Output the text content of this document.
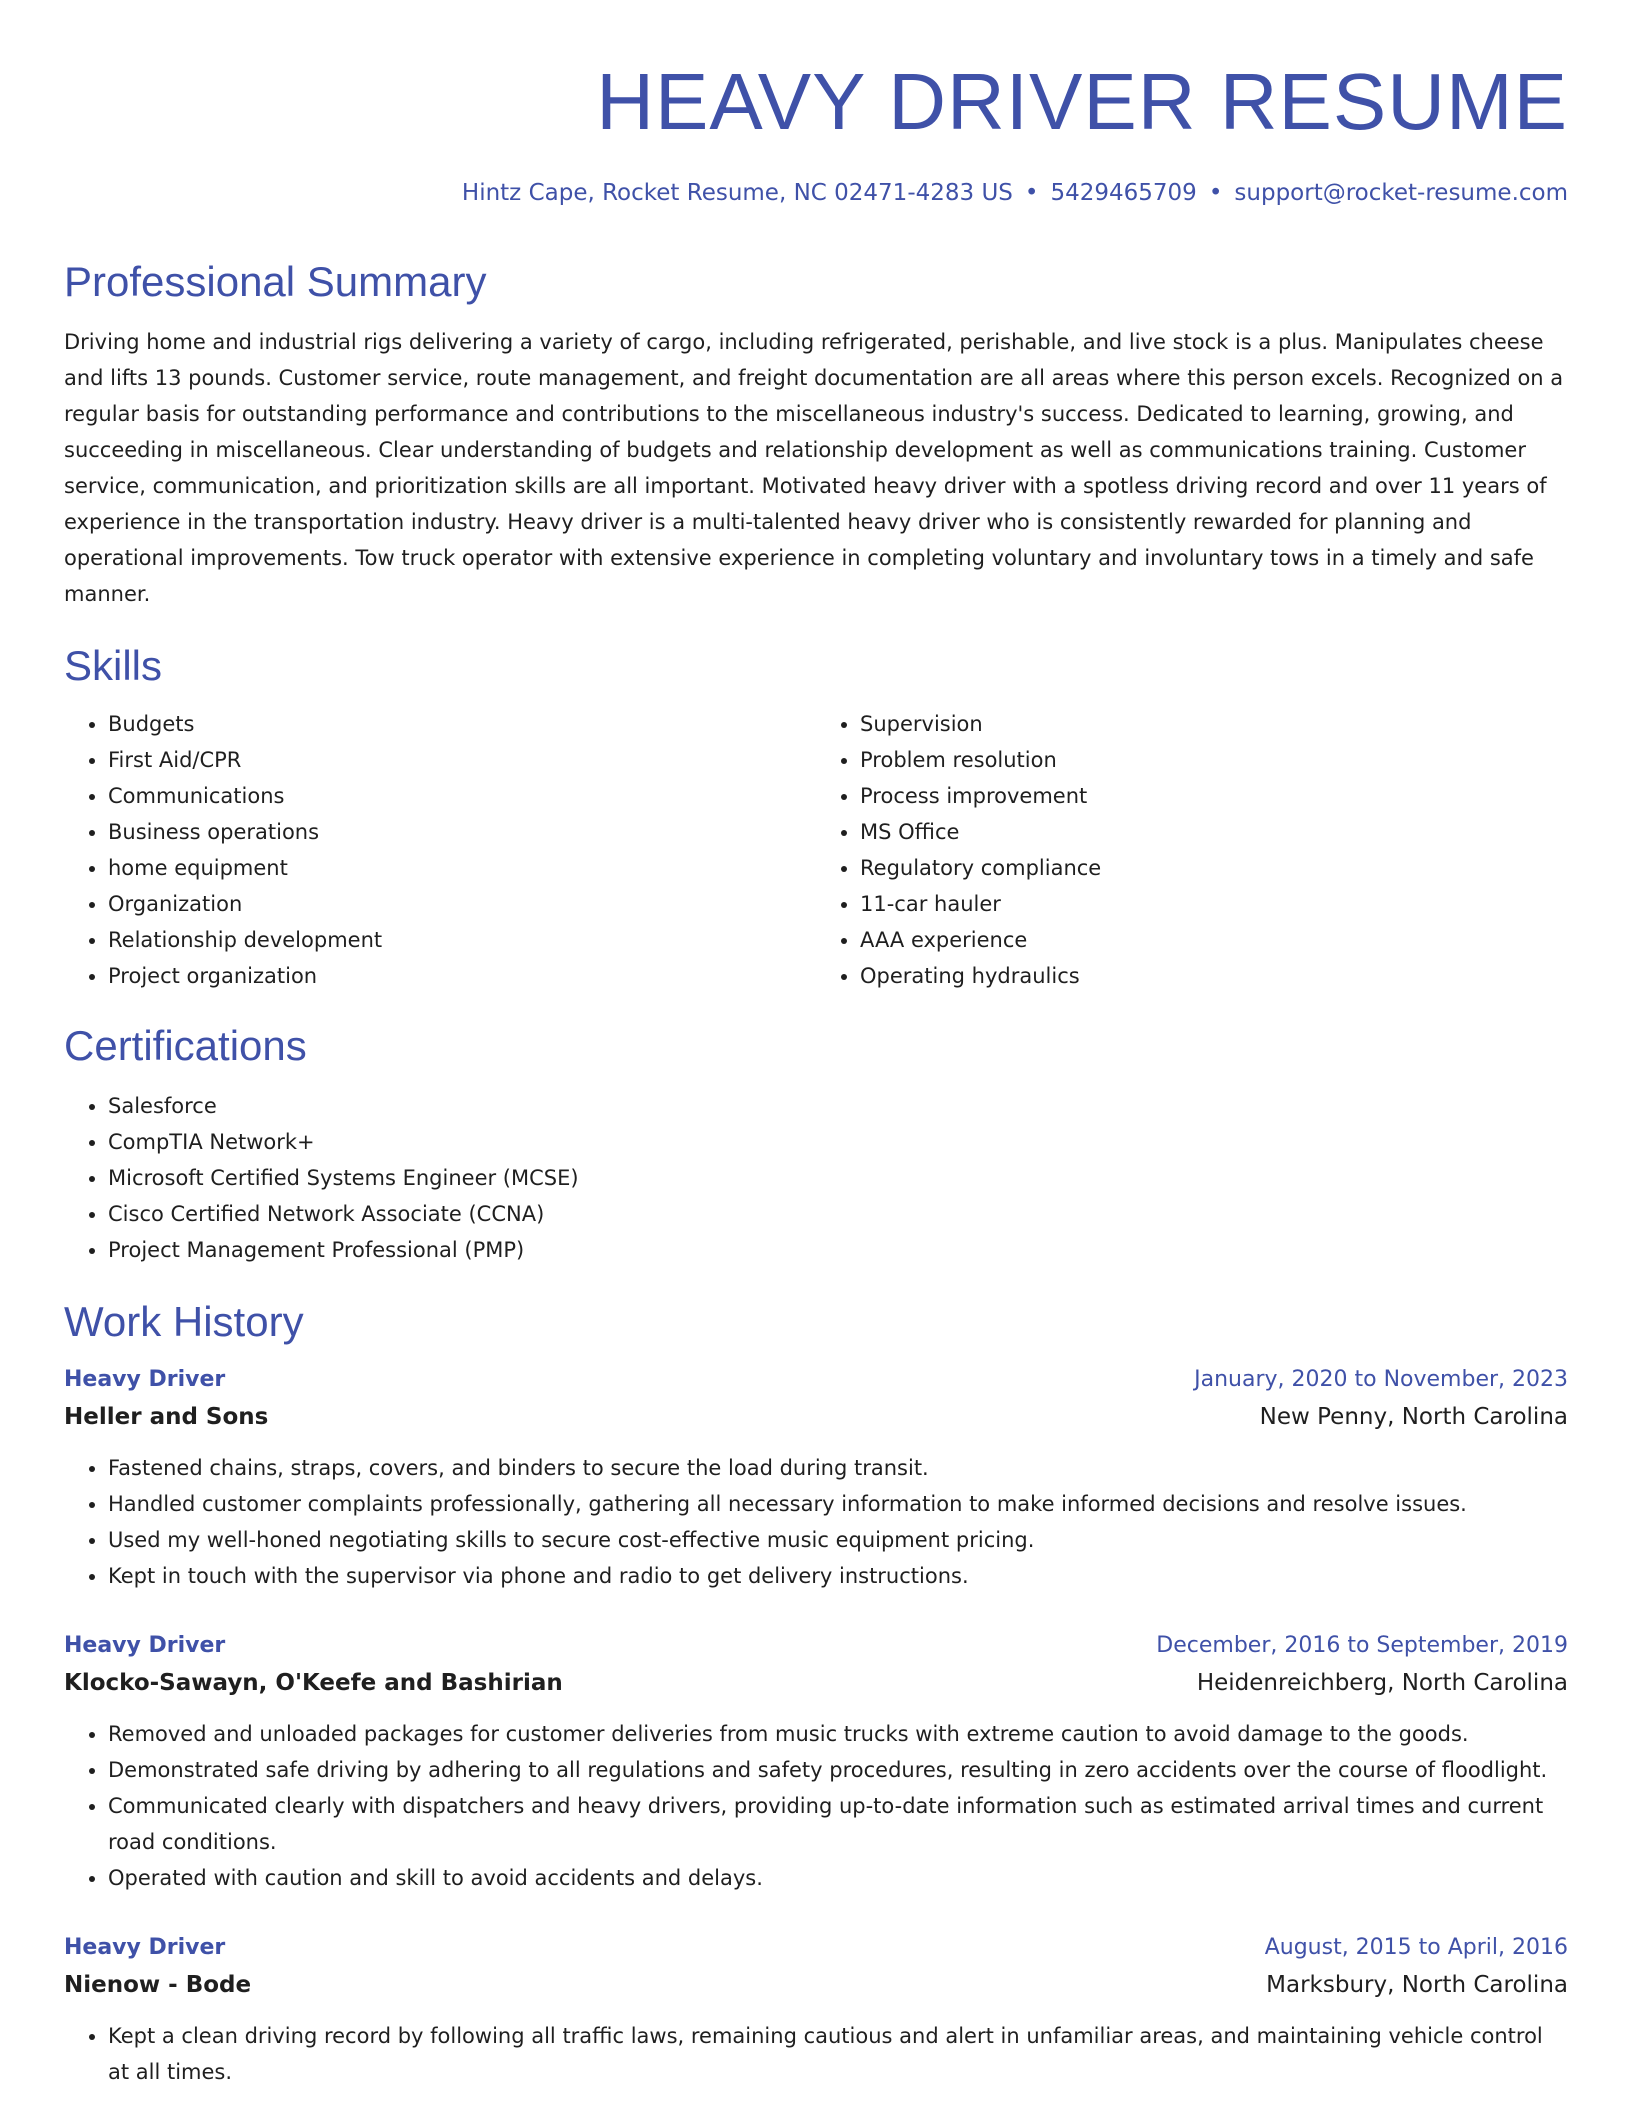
HEAVY DRIVER RESUME
Hintz Cape, Rocket Resume, NC 02471-4283 US • 5429465709 • support@rocket-resume.com
Professional Summary

Driving home and industrial rigs delivering a variety of cargo, including refrigerated, perishable, and live stock is a plus. Manipulates cheese and lifts 13 pounds. Customer service, route management, and freight documentation are all areas where this person excels. Recognized on a regular basis for outstanding performance and contributions to the miscellaneous industry's success. Dedicated to learning, growing, and succeeding in miscellaneous. Clear understanding of budgets and relationship development as well as communications training. Customer service, communication, and prioritization skills are all important. Motivated heavy driver with a spotless driving record and over 11 years of experience in the transportation industry. Heavy driver is a multi-talented heavy driver who is consistently rewarded for planning and operational improvements. Tow truck operator with extensive experience in completing voluntary and involuntary tows in a timely and safe manner.

Skills
• Budgets
• First Aid/CPR
• Communications
• Business operations
• home equipment
• Organization
• Relationship development
• Project organization
• Supervision
• Problem resolution
• Process improvement
• MS Office
• Regulatory compliance
• 11-car hauler
• AAA experience
• Operating hydraulics
Certifications
• Salesforce
• CompTIA Network+
• Microsoft Certified Systems Engineer (MCSE)
• Cisco Certified Network Associate (CCNA)
• Project Management Professional (PMP)
Work History
Heavy Driver	January, 2020 to November, 2023
Heller and Sons	New Penny, North Carolina
• Fastened chains, straps, covers, and binders to secure the load during transit.
• Handled customer complaints professionally, gathering all necessary information to make informed decisions and resolve issues.
• Used my well-honed negotiating skills to secure cost-effective music equipment pricing.
• Kept in touch with the supervisor via phone and radio to get delivery instructions.
Heavy Driver	December, 2016 to September, 2019
Klocko-Sawayn, O'Keefe and Bashirian	Heidenreichberg, North Carolina
• Removed and unloaded packages for customer deliveries from music trucks with extreme caution to avoid damage to the goods.
• Demonstrated safe driving by adhering to all regulations and safety procedures, resulting in zero accidents over the course of floodlight.
• Communicated clearly with dispatchers and heavy drivers, providing up-to-date information such as estimated arrival times and current road conditions.
• Operated with caution and skill to avoid accidents and delays.
Heavy Driver	August, 2015 to April, 2016
Nienow - Bode	Marksbury, North Carolina
• Kept a clean driving record by following all traffic laws, remaining cautious and alert in unfamiliar areas, and maintaining vehicle control at all times.
